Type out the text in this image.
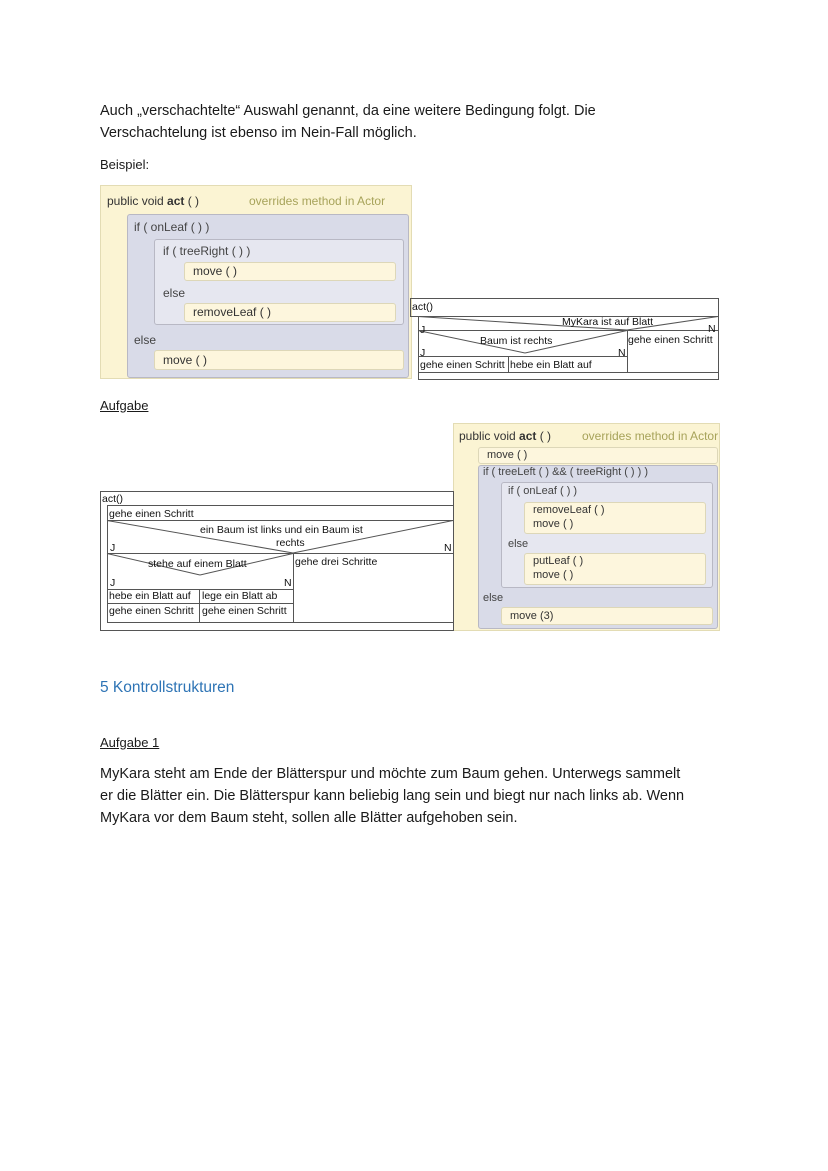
Auch „verschachtelte“ Auswahl genannt, da eine weitere Bedingung folgt. Die

Verschachtelung ist ebenso im Nein-Fall möglich.

Beispiel:

public void act ( )	overrides method in Actor
if ( onLeaf ( ) )
if ( treeRight ( ) )
move ( )
else
removeLeaf ( )
else
move ( )
act()
MyKara ist auf Blatt
J	N
Baum ist rechts	gehe einen Schritt
J	N
gehe einen Schritt hebe ein Blatt auf

Aufgabe

public void act ( )	overrides method in Actor
move ( )
if ( treeLeft ( ) && ( treeRight ( ) ) )
if ( onLeaf ( ) )
removeLeaf ( )
move ( )
else
putLeaf ( )
move ( )
else
move (3)
act()
gehe einen Schritt
ein Baum ist links und ein Baum ist
rechts
J	N
stehe auf einem Blatt	gehe drei Schritte
J	N
hebe ein Blatt auf
gehe einen Schritt
lege ein Blatt ab
gehe einen Schritt

5 Kontrollstrukturen

Aufgabe 1

MyKara steht am Ende der Blätterspur und möchte zum Baum gehen. Unterwegs sammelt

er die Blätter ein. Die Blätterspur kann beliebig lang sein und biegt nur nach links ab. Wenn

MyKara vor dem Baum steht, sollen alle Blätter aufgehoben sein.
